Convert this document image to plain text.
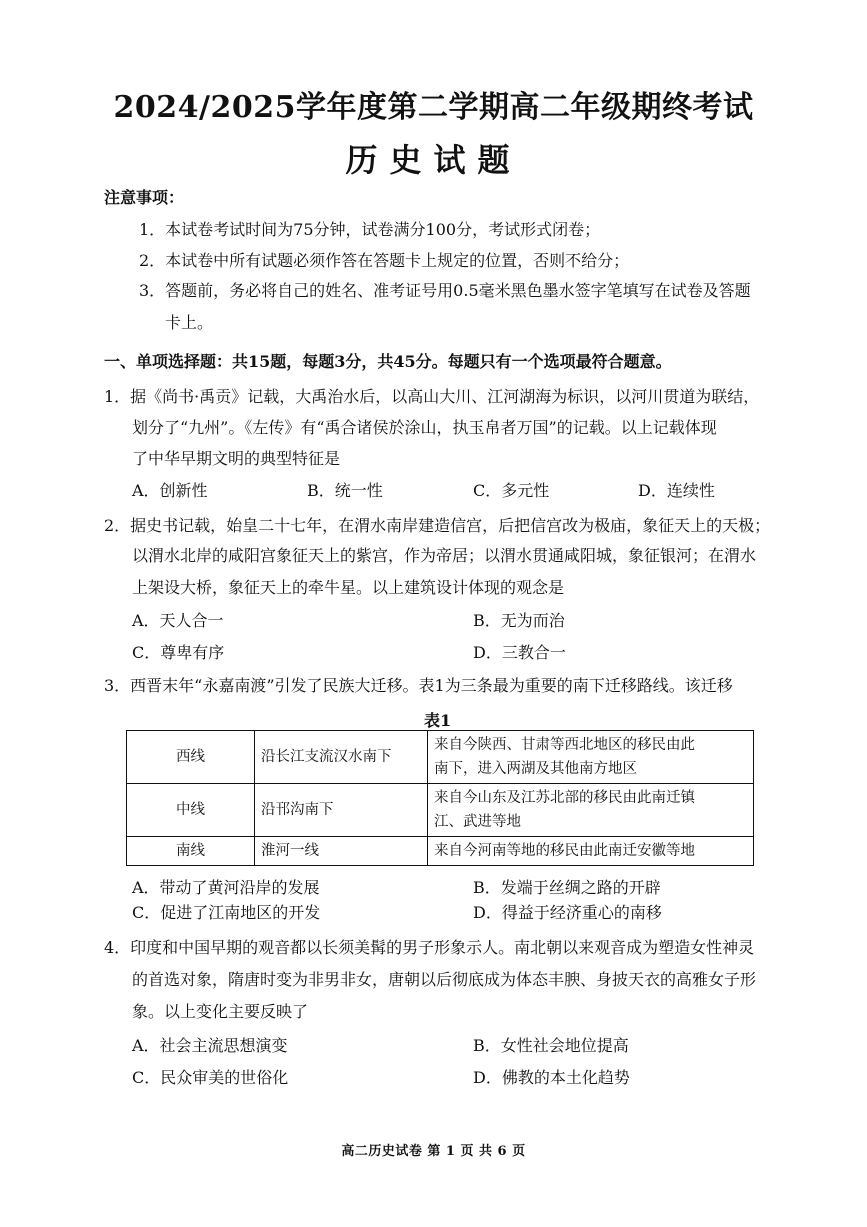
2024/2025学年度第二学期高二年级期终考试
历史试题
注意事项：
1．本试卷考试时间为75分钟，试卷满分100分，考试形式闭卷；
2．本试卷中所有试题必须作答在答题卡上规定的位置，否则不给分；
3．答题前，务必将自己的姓名、准考证号用0.5毫米黑色墨水签字笔填写在试卷及答题
卡上。
一、单项选择题：共15题，每题3分，共45分。每题只有一个选项最符合题意。
1．据《尚书·禹贡》记载，大禹治水后，以高山大川、江河湖海为标识，以河川贯道为联结，
划分了“九州”。《左传》有“禹合诸侯於涂山，执玉帛者万国”的记载。以上记载体现
了中华早期文明的典型特征是
A．创新性	B．统一性	C．多元性	D．连续性
2．据史书记载，始皇二十七年，在渭水南岸建造信宫，后把信宫改为极庙，象征天上的天极；
以渭水北岸的咸阳宫象征天上的紫宫，作为帝居；以渭水贯通咸阳城，象征银河；在渭水
上架设大桥，象征天上的牵牛星。以上建筑设计体现的观念是
A．天人合一	B．无为而治
C．尊卑有序	D．三教合一
3．西晋末年“永嘉南渡”引发了民族大迁移。表1为三条最为重要的南下迁移路线。该迁移
表1
西线	沿长江支流汉水南下	来自今陕西、甘肃等西北地区的移民由此
南下，进入两湖及其他南方地区

中线	沿邗沟南下	来自今山东及江苏北部的移民由此南迁镇
江、武进等地

南线	淮河一线	来自今河南等地的移民由此南迁安徽等地
A．带动了黄河沿岸的发展	B．发端于丝绸之路的开辟
C．促进了江南地区的开发	D．得益于经济重心的南移
4．印度和中国早期的观音都以长须美髯的男子形象示人。南北朝以来观音成为塑造女性神灵
的首选对象，隋唐时变为非男非女，唐朝以后彻底成为体态丰腴、身披天衣的高雅女子形
象。以上变化主要反映了
A．社会主流思想演变	B．女性社会地位提高
C．民众审美的世俗化	D．佛教的本土化趋势
高二历史试卷 第 1 页 共 6 页
